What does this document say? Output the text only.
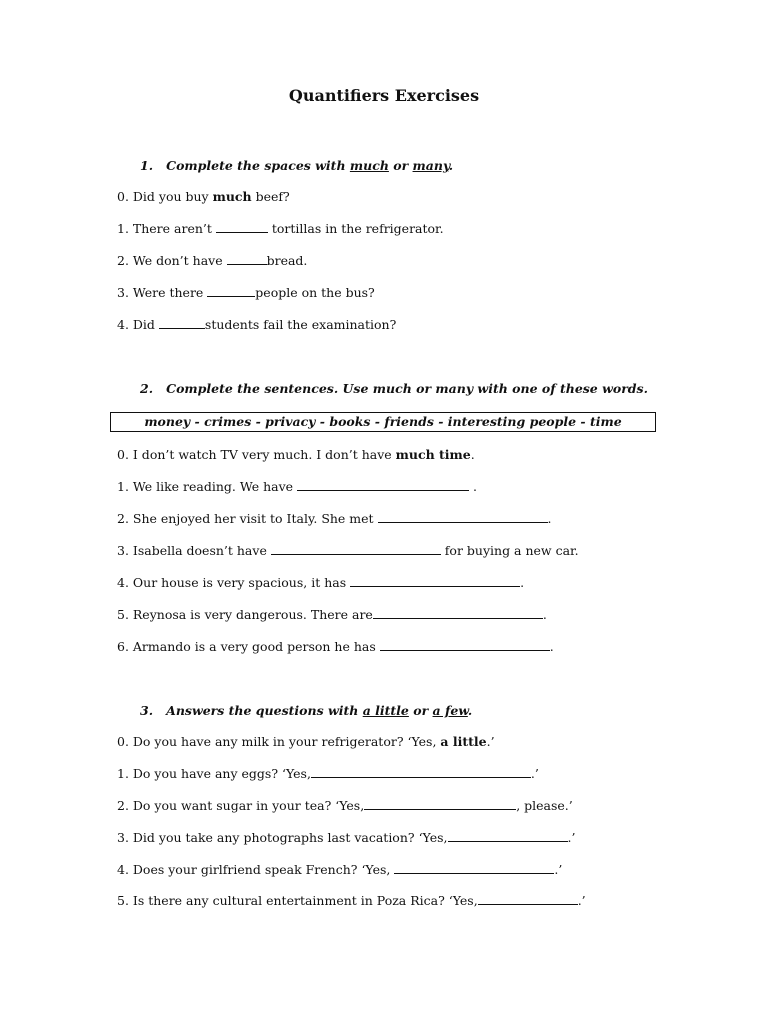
Quantifiers Exercises
1. Complete the spaces with much or many.
0. Did you buy much beef?
1. There aren’t	tortillas in the refrigerator.
2. We don’t have	bread.
3. Were there	people on the bus?
4. Did	students fail the examination?
2. Complete the sentences. Use much or many with one of these words.
money - crimes - privacy - books - friends - interesting people - time
0. I don’t watch TV very much. I don’t have much time.
1. We like reading. We have	.
2. She enjoyed her visit to Italy. She met	.
3. Isabella doesn’t have	for buying a new car.
4. Our house is very spacious, it has	.
5. Reynosa is very dangerous. There are	.
6. Armando is a very good person he has	.
3. Answers the questions with a little or a few.
0. Do you have any milk in your refrigerator? ‘Yes, a little.’
1. Do you have any eggs? ‘Yes,	.’
2. Do you want sugar in your tea? ‘Yes,	, please.’
3. Did you take any photographs last vacation? ‘Yes,	.’
4. Does your girlfriend speak French? ‘Yes,	.’
5. Is there any cultural entertainment in Poza Rica? ‘Yes,	.’
